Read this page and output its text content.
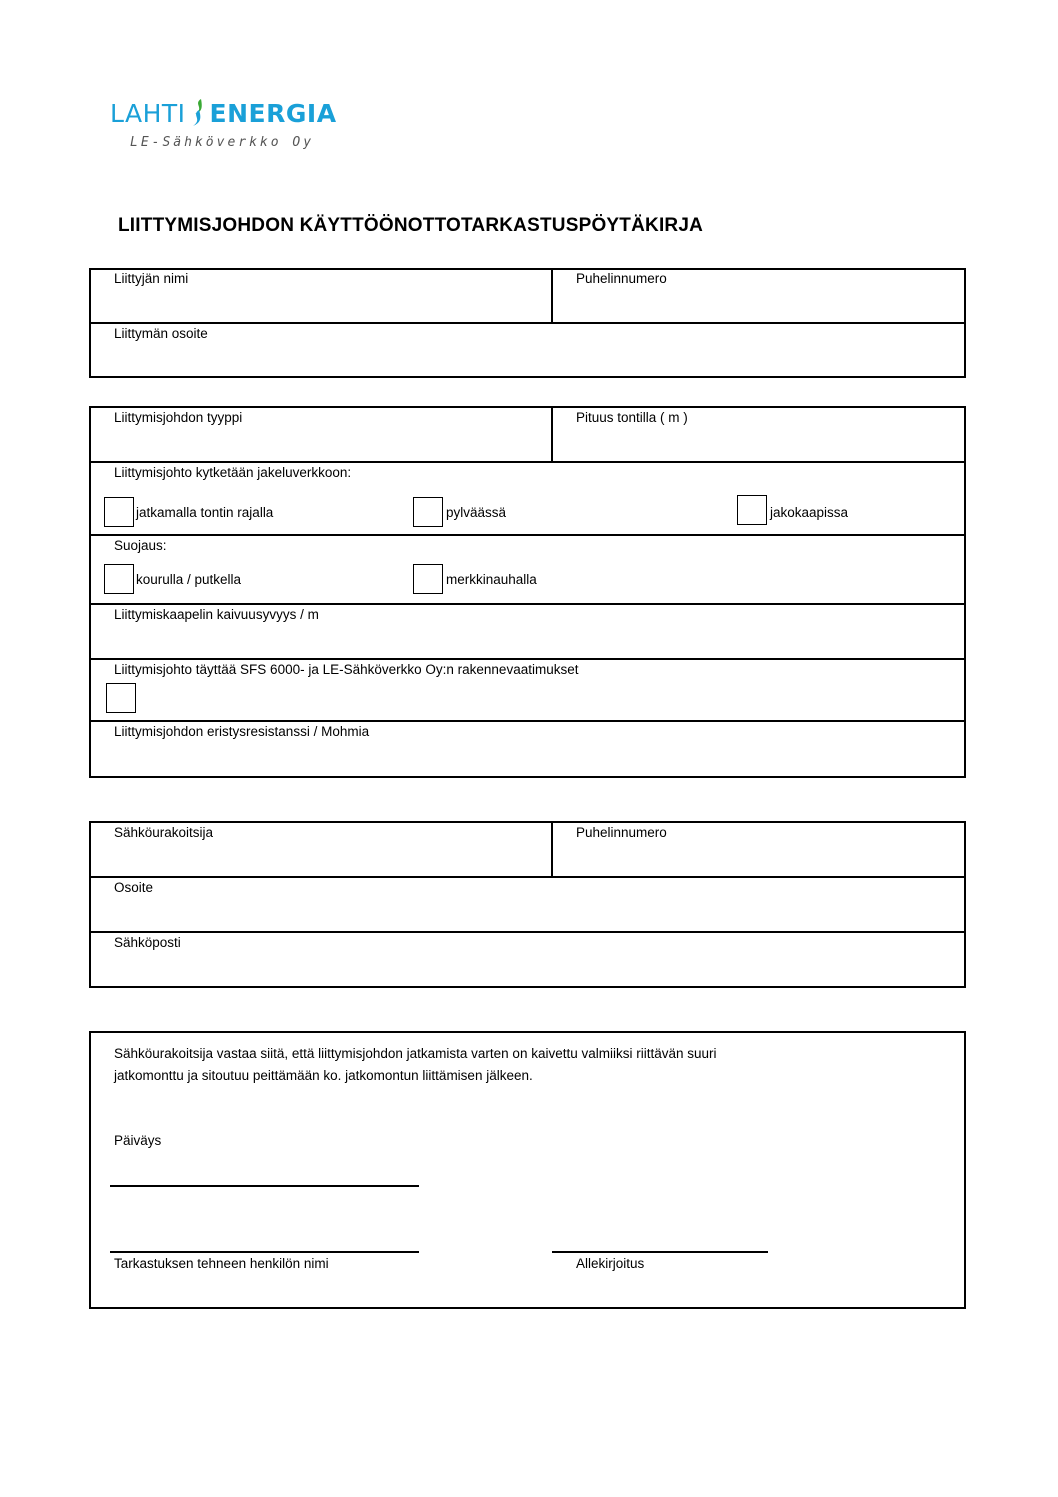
LAHTI ENERGIA
LE-Sähköverkko Oy
LIITTYMISJOHDON KÄYTTÖÖNOTTOTARKASTUSPÖYTÄKIRJA
Liittyjän nimi	Puhelinnumero
Liittymän osoite
Liittymisjohdon tyyppi	Pituus tontilla ( m )
Liittymisjohto kytketään jakeluverkkoon:
jatkamalla tontin rajalla	pylväässä	jakokaapissa
Suojaus:
kourulla / putkella	merkkinauhalla
Liittymiskaapelin kaivuusyvyys / m
Liittymisjohto täyttää SFS 6000- ja LE-Sähköverkko Oy:n rakennevaatimukset
Liittymisjohdon eristysresistanssi / Mohmia
Sähköurakoitsija	Puhelinnumero
Osoite
Sähköposti
Sähköurakoitsija vastaa siitä, että liittymisjohdon jatkamista varten on kaivettu valmiiksi riittävän suuri
jatkomonttu ja sitoutuu peittämään ko. jatkomontun liittämisen jälkeen.
Päiväys
Tarkastuksen tehneen henkilön nimi	Allekirjoitus
